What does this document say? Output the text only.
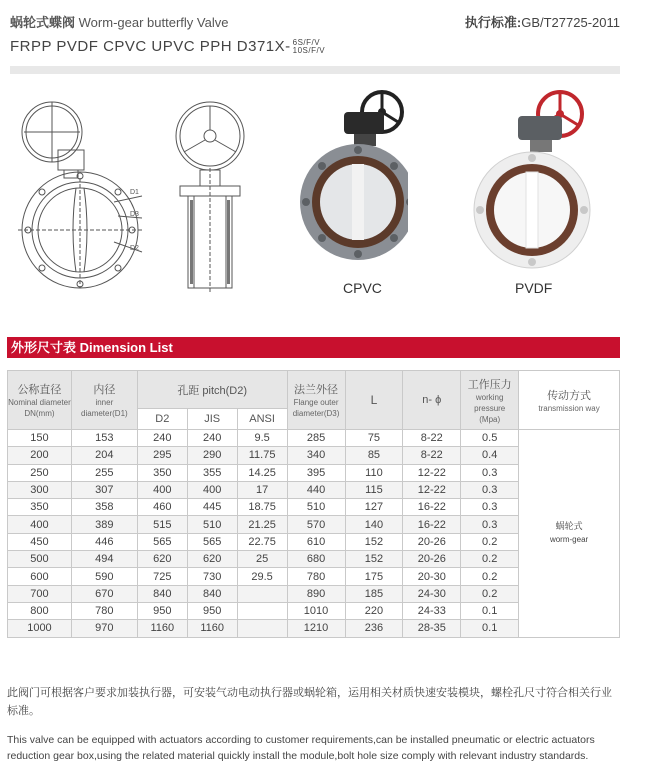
蜗轮式蝶阀 Worm-gear butterfly Valve	执行标准:GB/T27725-2011
FRPP PVDF CPVC UPVC PPH D371X- 6S/F/V
10S/F/V
D1
D3
D2
CPVC	PVDF
外形尺寸表 Dimension List
公称直径
Nominal diameter
DN(mm)	内径
inner
diameter(D1)	孔距 pitch(D2)			法兰外径
Flange outer
diameter(D3)	L	n- ϕ	工作压力
working
pressure
(Mpa)	传动方式
transmission way

		D2	JIS	ANSI					
150	153	240	240	9.5	285	75	8-22	0.5	蜗轮式
worm-gear

200	204	295	290	11.75	340	85	8-22	0.4	
250	255	350	355	14.25	395	110	12-22	0.3	
300	307	400	400	17	440	115	12-22	0.3	
350	358	460	445	18.75	510	127	16-22	0.3	
400	389	515	510	21.25	570	140	16-22	0.3	
450	446	565	565	22.75	610	152	20-26	0.2	
500	494	620	620	25	680	152	20-26	0.2	
600	590	725	730	29.5	780	175	20-30	0.2	
700	670	840	840		890	185	24-30	0.2	
800	780	950	950		1010	220	24-33	0.1	
1000	970	1160	1160		1210	236	28-35	0.1	
此阀门可根据客户要求加装执行器，可安装气动电动执行器或蜗轮箱，运用相关材质快速安装模块，螺栓孔尺寸符合相关行业标准。
This valve can be equipped with actuators according to customer requirements,can be installed pneumatic or electric actuators reduction gear box,using the related material quickly install the module,bolt hole size comply with relevant industry standards.
